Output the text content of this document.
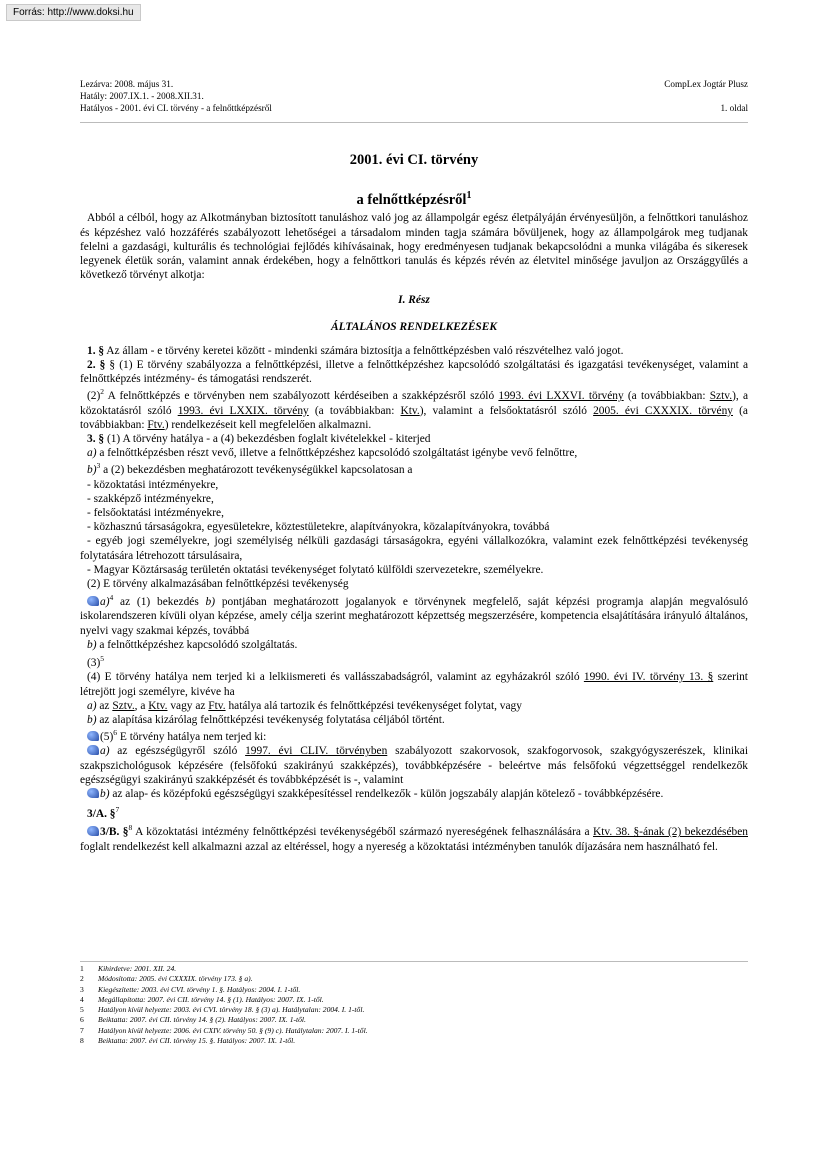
Forrás: http://www.doksi.hu
Lezárva: 2008. május 31.
Hatály: 2007.IX.1. - 2008.XII.31.
Hatályos - 2001. évi CI. törvény - a felnőttképzésről
CompLex Jogtár Plusz

1. oldal
2001. évi CI. törvény
a felnőttképzésről$^1$

Abból a célból, hogy az Alkotmányban biztosított tanuláshoz való jog az állampolgár egész életpályáján érvényesüljön, a felnőttkori tanuláshoz és képzéshez való hozzáférés szabályozott lehetőségei a társadalom minden tagja számára bővüljenek, hogy az állampolgárok meg tudjanak felelni a gazdasági, kulturális és technológiai fejlődés kihívásainak, hogy eredményesen tudjanak bekapcsolódni a munka világába és sikeresek legyenek életük során, valamint annak érdekében, hogy a felnőttkori tanulás és képzés révén az életvitel minősége javuljon az Országgyűlés a következő törvényt alkotja:

I. Rész

ÁLTALÁNOS RENDELKEZÉSEK

1. § Az állam - e törvény keretei között - mindenki számára biztosítja a felnőttképzésben való részvételhez való jogot.

2. § § (1) E törvény szabályozza a felnőttképzési, illetve a felnőttképzéshez kapcsolódó szolgáltatási és igazgatási tevékenységet, valamint a felnőttképzés intézmény- és támogatási rendszerét.

$(2)^2$ A felnőttképzés e törvényben nem szabályozott kérdéseiben a szakképzésről szóló 1993. évi LXXVI. törvény (a továbbiakban: Sztv.), a közoktatásról szóló 1993. évi LXXIX. törvény (a továbbiakban: Ktv.), valamint a felsőoktatásról szóló 2005. évi CXXXIX. törvény (a továbbiakban: Ftv.) rendelkezéseit kell megfelelően alkalmazni.

3. § (1) A törvény hatálya - a (4) bekezdésben foglalt kivételekkel - kiterjed

a) a felnőttképzésben részt vevő, illetve a felnőttképzéshez kapcsolódó szolgáltatást igénybe vevő felnőttre,

b)$^3$ a (2) bekezdésben meghatározott tevékenységükkel kapcsolatosan a

- közoktatási intézményekre,

- szakképző intézményekre,

- felsőoktatási intézményekre,

- közhasznú társaságokra, egyesületekre, köztestületekre, alapítványokra, közalapítványokra, továbbá

- egyéb jogi személyekre, jogi személyiség nélküli gazdasági társaságokra, egyéni vállalkozókra, valamint ezek felnőttképzési tevékenység folytatására létrehozott társulásaira,

- Magyar Köztársaság területén oktatási tevékenységet folytató külföldi szervezetekre, személyekre.

(2) E törvény alkalmazásában felnőttképzési tevékenység

a)$^4$ az (1) bekezdés b) pontjában meghatározott jogalanyok e törvénynek megfelelő, saját képzési programja alapján megvalósuló iskolarendszeren kívüli olyan képzése, amely célja szerint meghatározott képzettség megszerzésére, kompetencia elsajátítására irányuló általános, nyelvi vagy szakmai képzés, továbbá

b) a felnőttképzéshez kapcsolódó szolgáltatás.

$(3)^5$

(4) E törvény hatálya nem terjed ki a lelkiismereti és vallásszabadságról, valamint az egyházakról szóló 1990. évi IV. törvény 13. § szerint létrejött jogi személyre, kivéve ha

a) az Sztv., a Ktv. vagy az Ftv. hatálya alá tartozik és felnőttképzési tevékenységet folytat, vagy

b) az alapítása kizárólag felnőttképzési tevékenység folytatása céljából történt.

$(5)^6$ E törvény hatálya nem terjed ki:

a) az egészségügyről szóló 1997. évi CLIV. törvényben szabályozott szakorvosok, szakfogorvosok, szakgyógyszerészek, klinikai szakpszichológusok képzésére (felsőfokú szakirányú szakképzés), továbbképzésére - beleértve más felsőfokú végzettséggel rendelkezők egészségügyi szakirányú szakképzését és továbbképzését is -, valamint

b) az alap- és középfokú egészségügyi szakképesítéssel rendelkezők - külön jogszabály alapján kötelező - továbbképzésére.

3/A. §$^7$

3/B. §$^8$ A közoktatási intézmény felnőttképzési tevékenységéből származó nyereségének felhasználására a Ktv. 38. §-ának (2) bekezdésében foglalt rendelkezést kell alkalmazni azzal az eltéréssel, hogy a nyereség a közoktatási intézményben tanulók díjazására nem használható fel.

1	Kihirdetve: 2001. XII. 24.
2	Módosította: 2005. évi CXXXIX. törvény 173. § a).
3	Kiegészítette: 2003. évi CVI. törvény 1. §. Hatályos: 2004. I. 1-től.
4	Megállapította: 2007. évi CII. törvény 14. § (1). Hatályos: 2007. IX. 1-től.
5	Hatályon kívül helyezte: 2003. évi CVI. törvény 18. § (3) a). Hatálytalan: 2004. I. 1-től.
6	Beiktatta: 2007. évi CII. törvény 14. § (2). Hatályos: 2007. IX. 1-től.
7	Hatályon kívül helyezte: 2006. évi CXIV. törvény 50. § (9) c). Hatálytalan: 2007. I. 1-től.
8	Beiktatta: 2007. évi CII. törvény 15. §. Hatályos: 2007. IX. 1-től.
